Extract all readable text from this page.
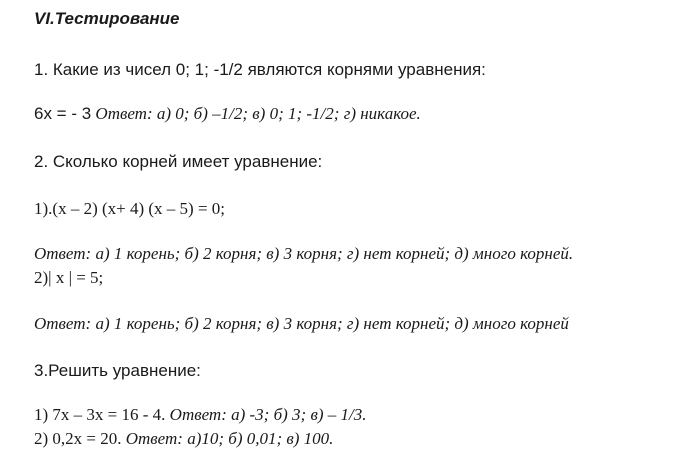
VI.Тестирование
1. Какие из чисел 0; 1; -1/2 являются корнями уравнения:
6х = - 3 Ответ: а) 0; б) –1/2; в) 0; 1; -1/2; г) никакое.
2. Сколько корней имеет уравнение:
1).(х – 2) (х+ 4) (х – 5) = 0;
Ответ: а) 1 корень; б) 2 корня; в) 3 корня; г) нет корней; д) много корней.
2)| х | = 5;
Ответ: а) 1 корень; б) 2 корня; в) 3 корня; г) нет корней; д) много корней
3.Решить уравнение:
1) 7х – 3х = 16 - 4. Ответ: а) -3; б) 3; в) – 1/3.
2) 0,2х = 20. Ответ: а)10; б) 0,01; в) 100.
